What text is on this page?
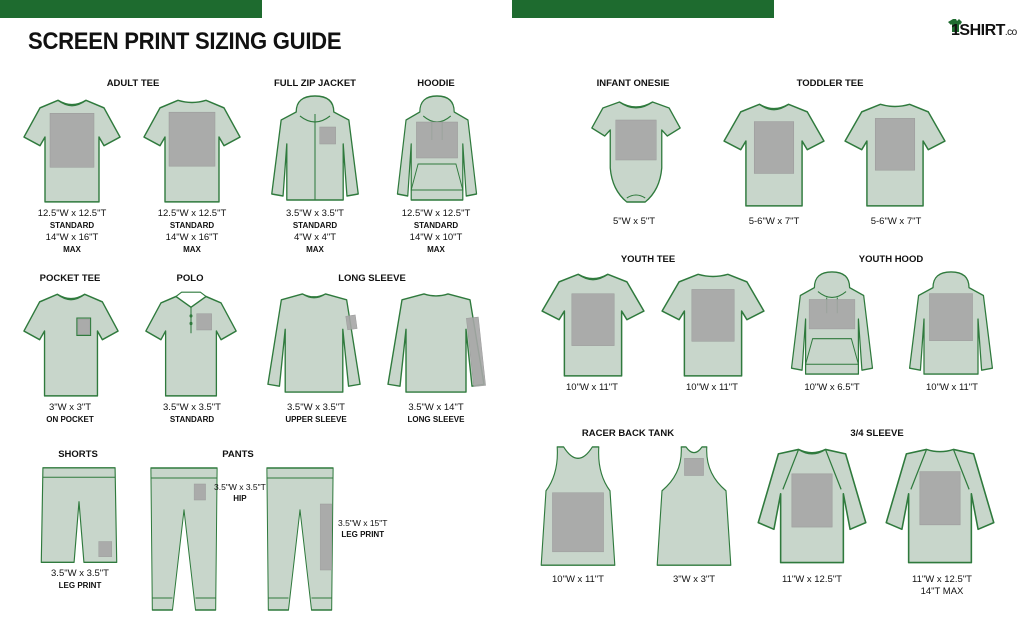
SCREEN PRINT SIZING GUIDE	1SHIRT.co
ADULT TEE	FULL ZIP JACKET	HOODIE
POCKET TEE	POLO	LONG SLEEVE
SHORTS	PANTS
INFANT ONESIE	TODDLER TEE
YOUTH TEE	YOUTH HOOD
RACER BACK TANK	3/4 SLEEVE
12.5"W x 12.5"T
STANDARD
14"W x 16"T
MAX
12.5"W x 12.5"T
STANDARD
14"W x 16"T
MAX
3.5"W x 3.5"T
STANDARD
4"W x 4"T
MAX
12.5"W x 12.5"T
STANDARD
14"W x 10"T
MAX
3"W x 3"T
ON POCKET
3.5"W x 3.5"T
STANDARD
3.5"W x 3.5"T
UPPER SLEEVE
3.5"W x 14"T
LONG SLEEVE
3.5"W x 3.5"T
LEG PRINT
3.5"W x 3.5"T
HIP
3.5"W x 15"T
LEG PRINT
5"W x 5"T	5-6"W x 7"T	5-6"W x 7"T
10"W x 11"T	10"W x 11"T	10"W x 6.5"T	10"W x 11"T
10"W x 11"T	3"W x 3"T	11"W x 12.5"T	11"W x 12.5"T
14"T MAX
